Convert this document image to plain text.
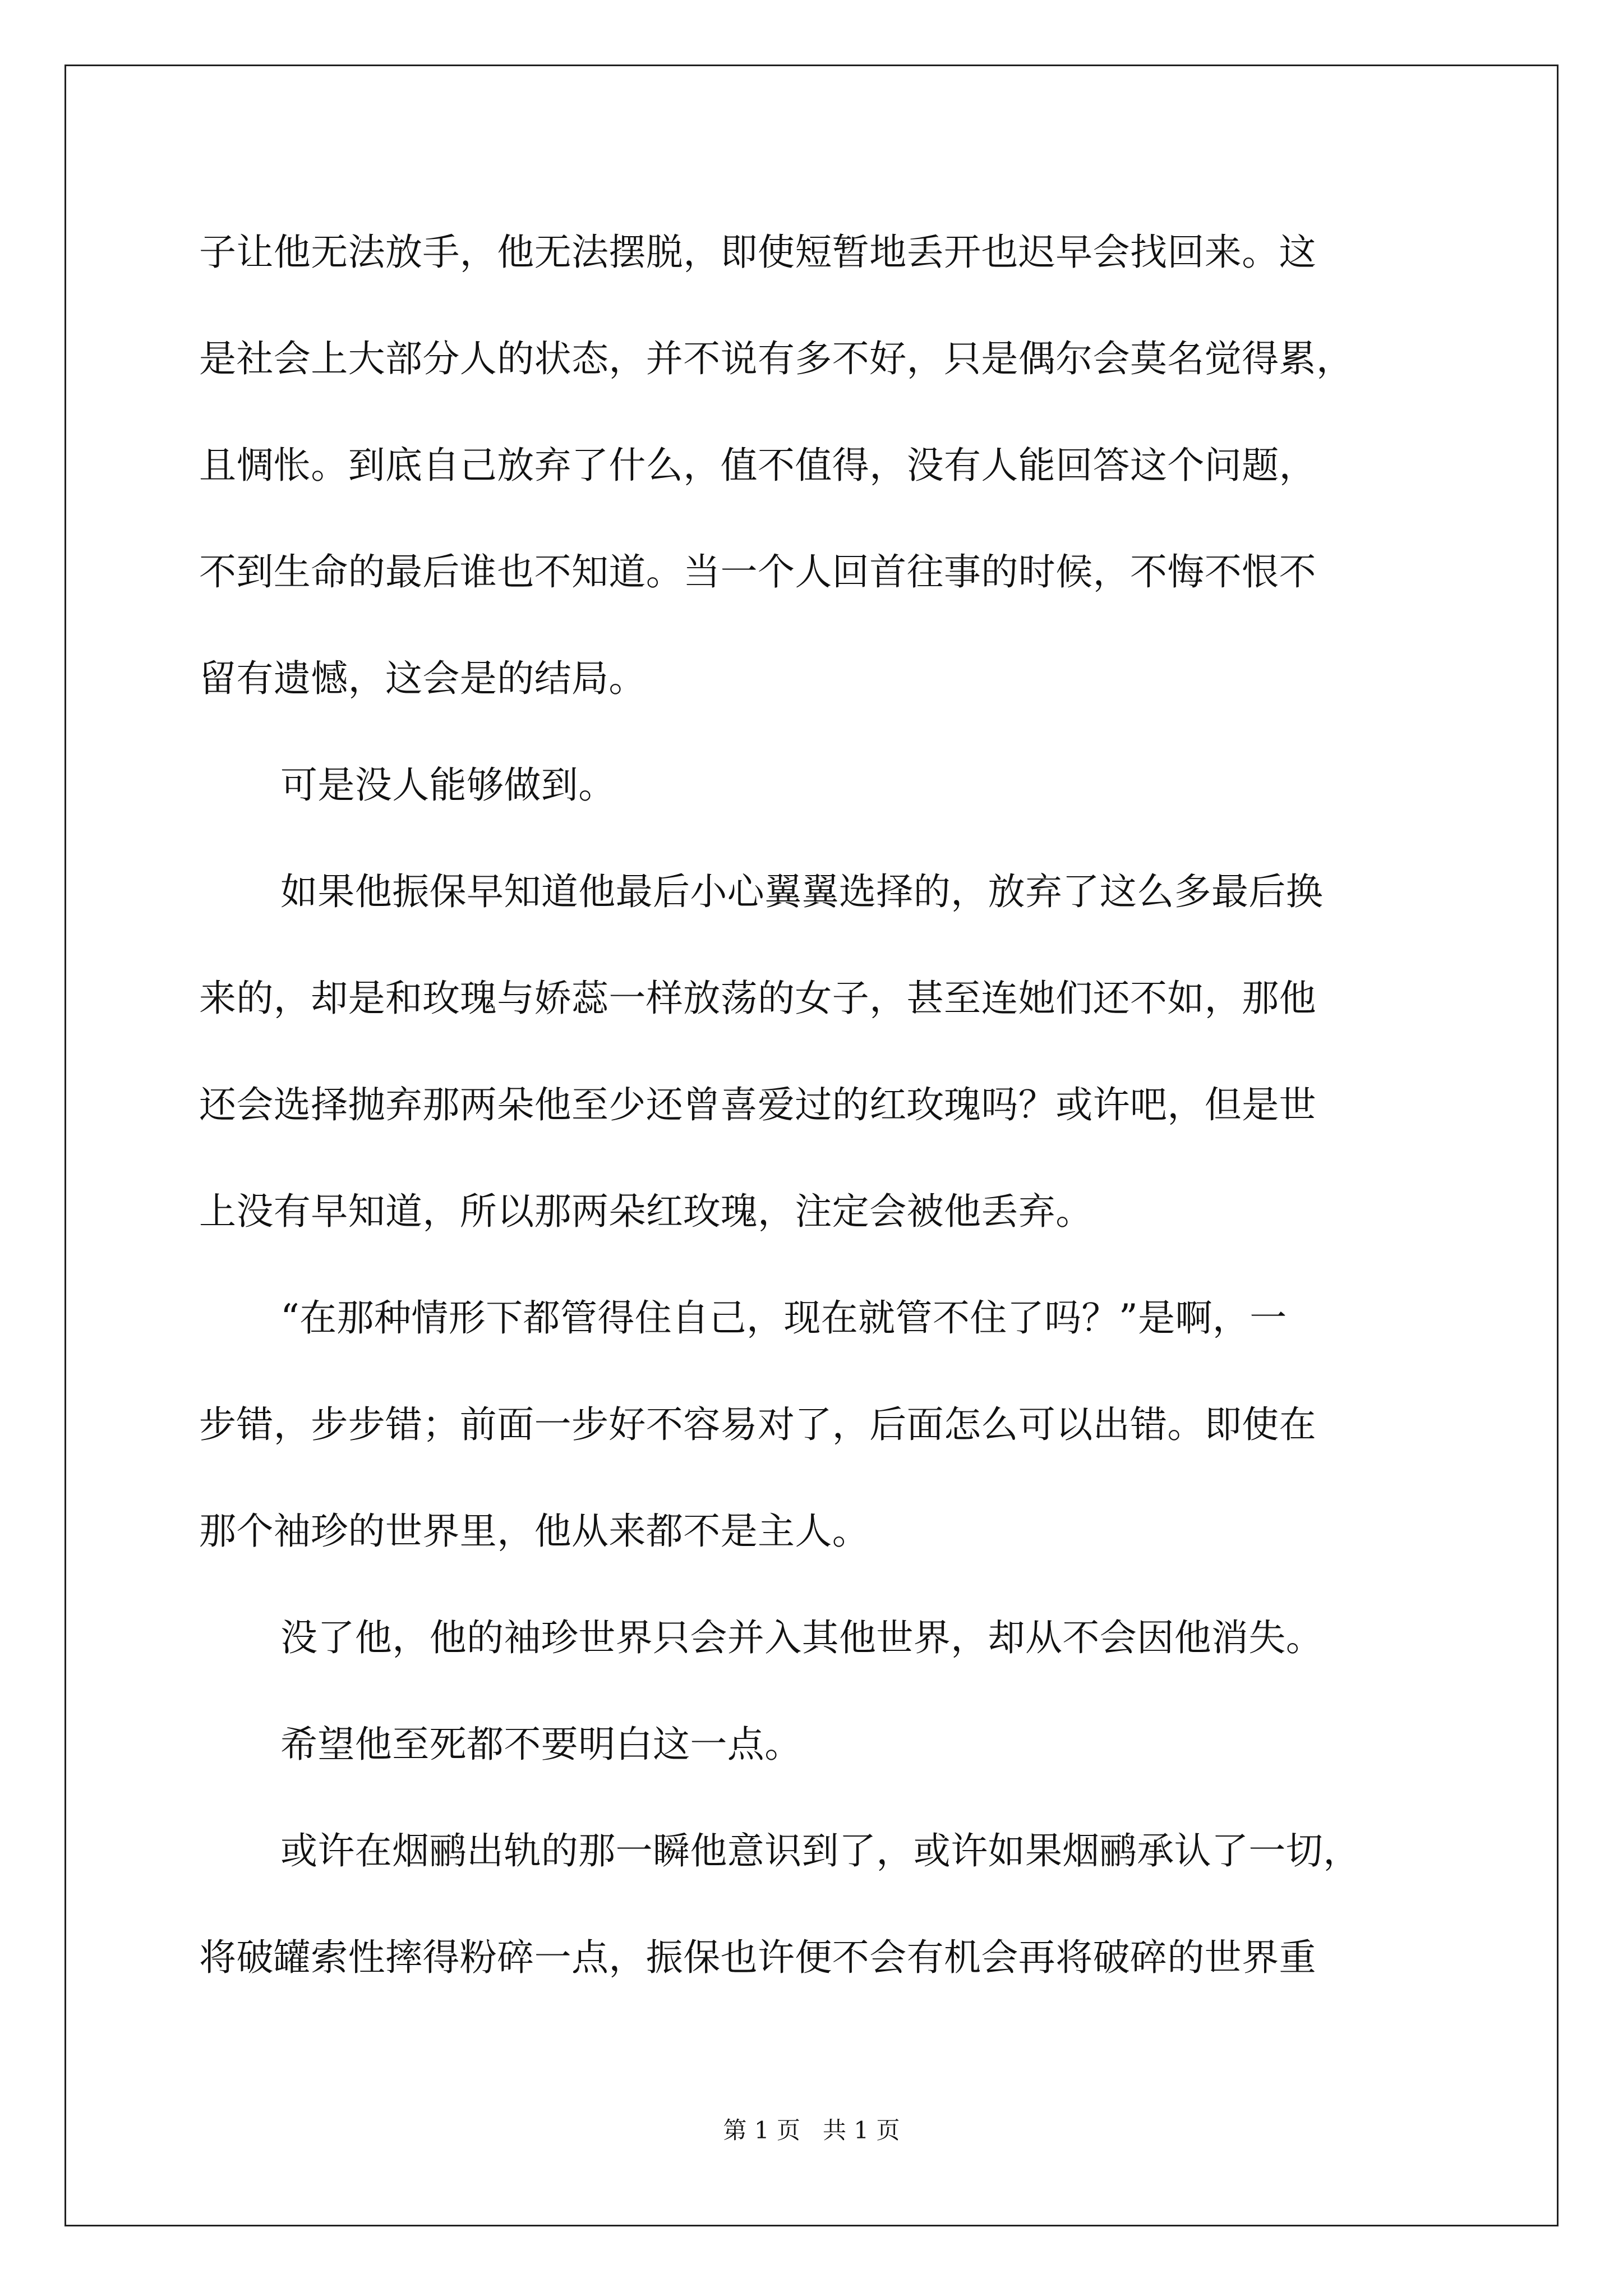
子让他无法放手，他无法摆脱，即使短暂地丢开也迟早会找回来。这
是社会上大部分人的状态，并不说有多不好，只是偶尔会莫名觉得累，
且惆怅。到底自己放弃了什么，值不值得，没有人能回答这个问题，
不到生命的最后谁也不知道。当一个人回首往事的时候，不悔不恨不
留有遗憾，这会是的结局。
可是没人能够做到。
如果他振保早知道他最后小心翼翼选择的，放弃了这么多最后换
来的，却是和玫瑰与娇蕊一样放荡的女子，甚至连她们还不如，那他
还会选择抛弃那两朵他至少还曾喜爱过的红玫瑰吗？或许吧，但是世
上没有早知道，所以那两朵红玫瑰，注定会被他丢弃。
“在那种情形下都管得住自己，现在就管不住了吗？”是啊，一
步错，步步错；前面一步好不容易对了，后面怎么可以出错。即使在
那个袖珍的世界里，他从来都不是主人。
没了他，他的袖珍世界只会并入其他世界，却从不会因他消失。
希望他至死都不要明白这一点。
或许在烟鹂出轨的那一瞬他意识到了，或许如果烟鹂承认了一切，
将破罐索性摔得粉碎一点，振保也许便不会有机会再将破碎的世界重
第 1 页   共 1 页
